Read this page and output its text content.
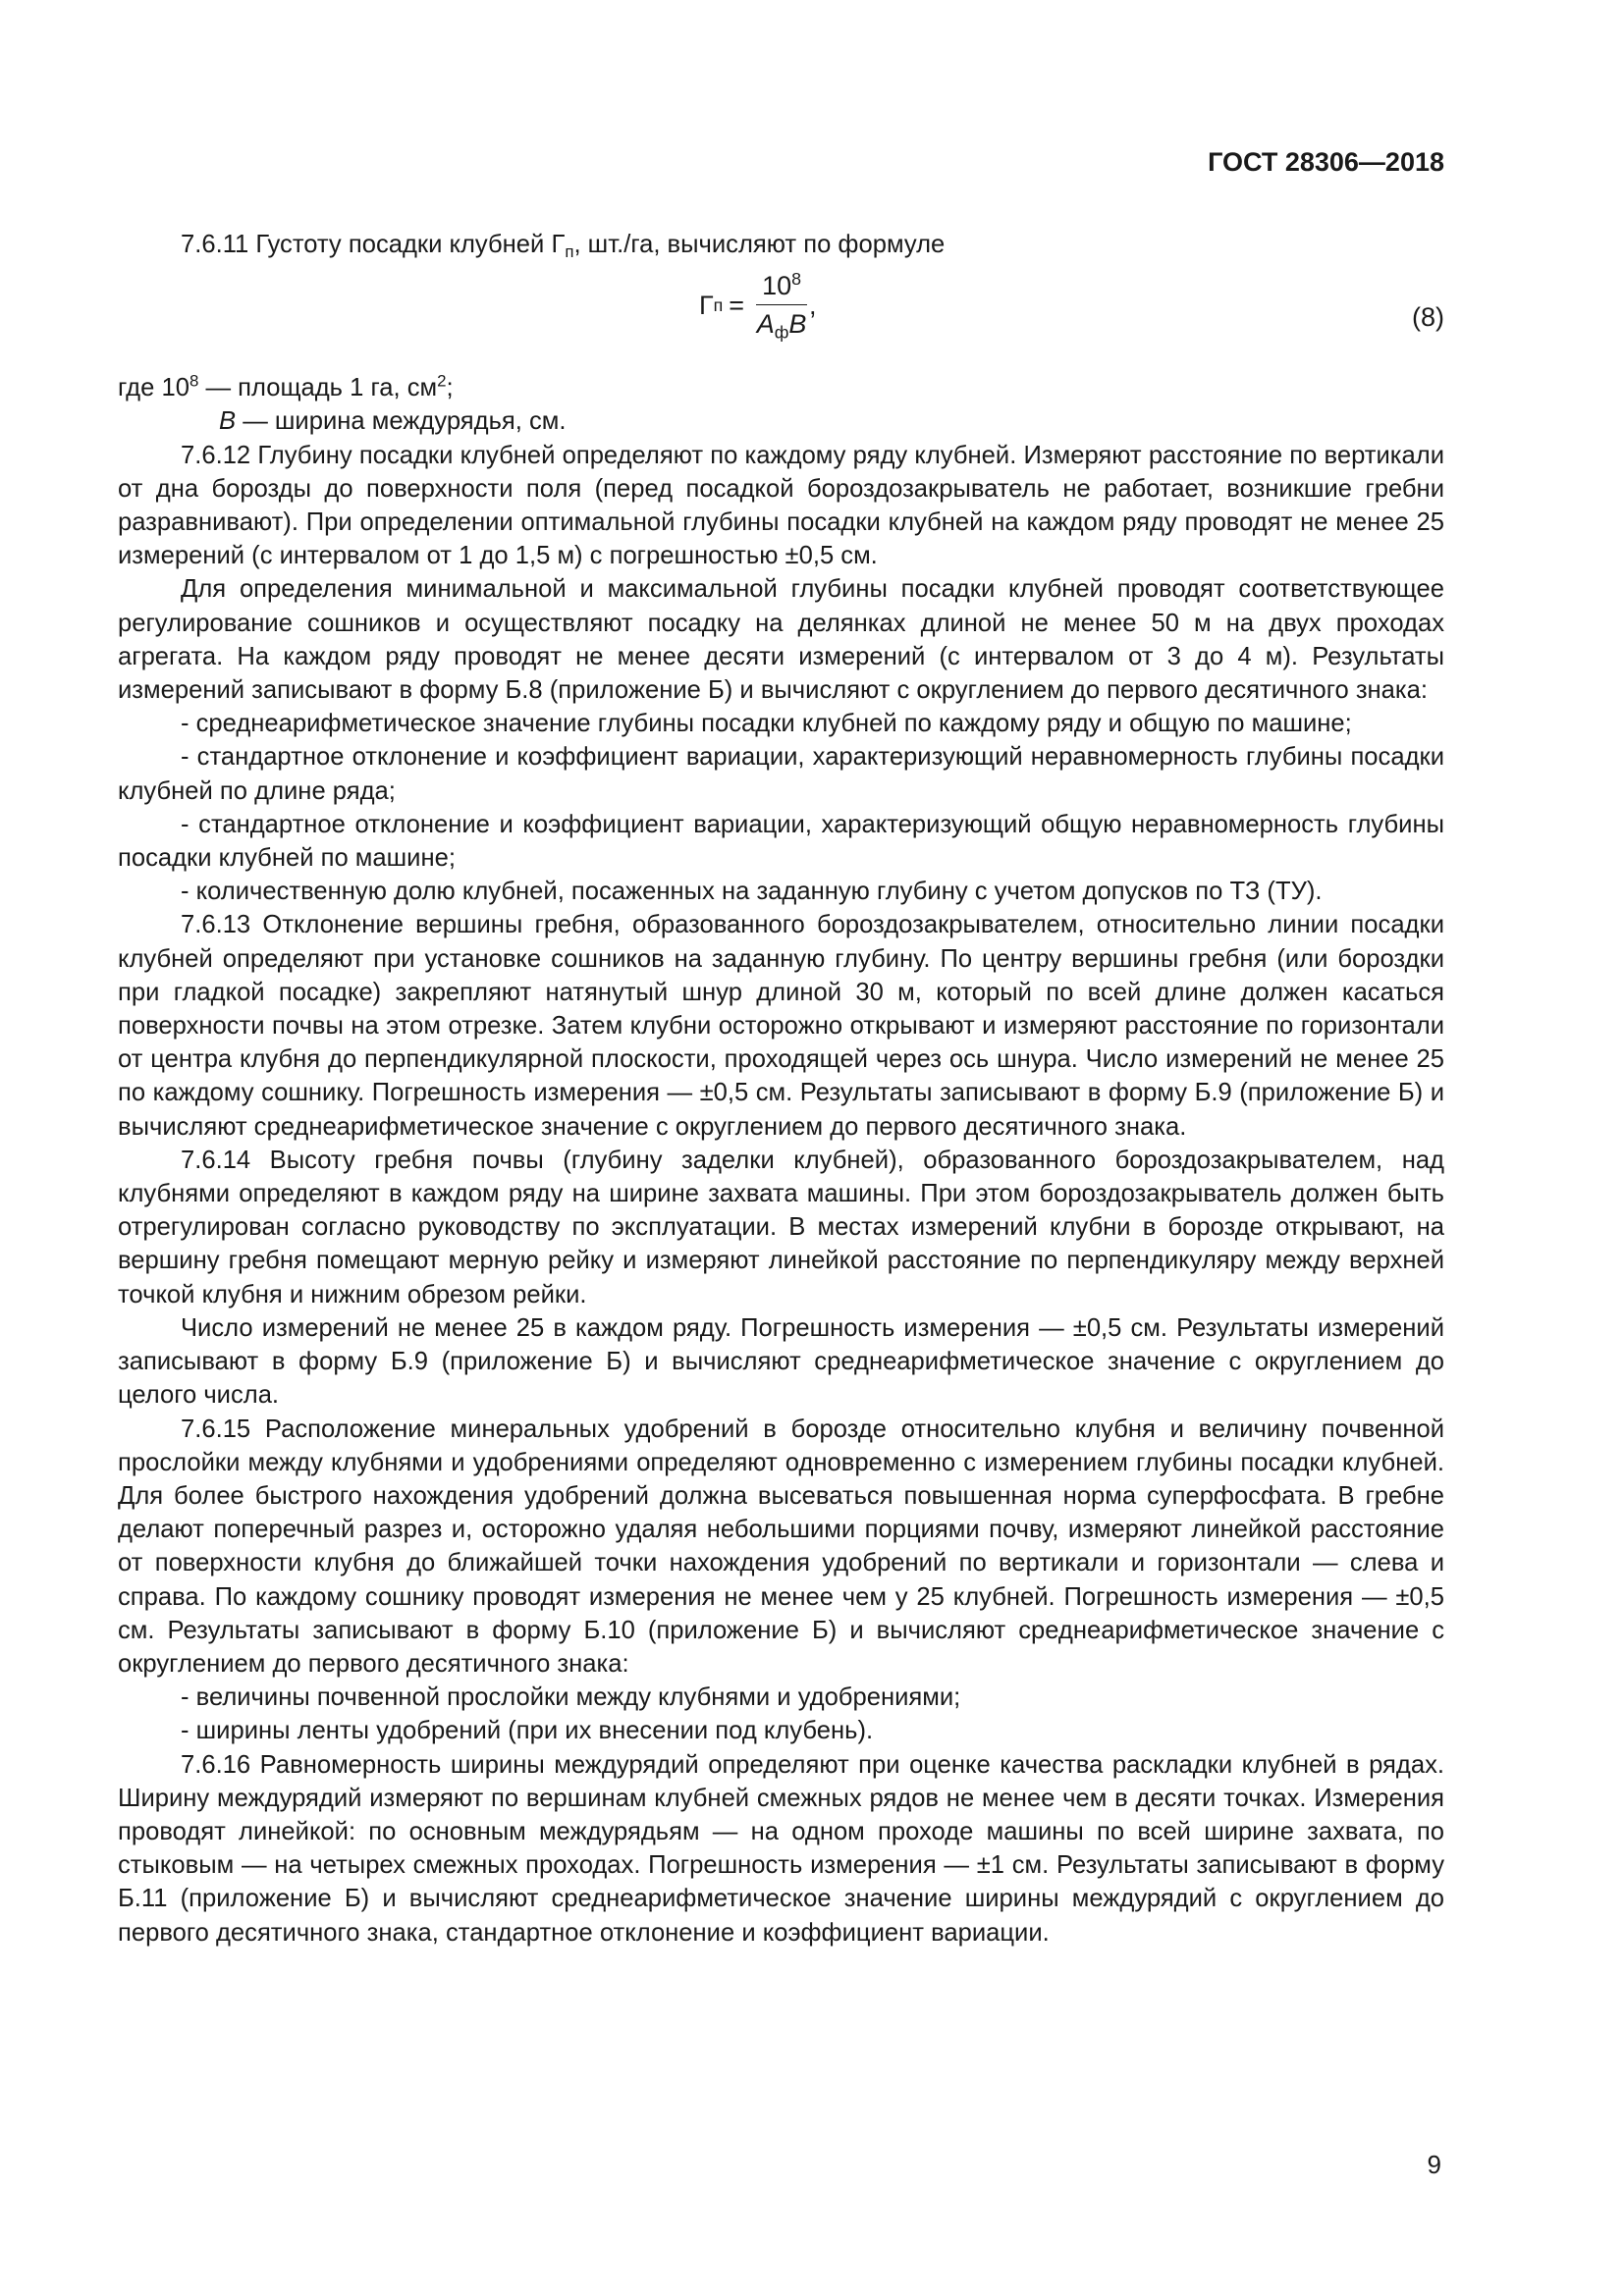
ГОСТ 28306—2018

7.6.11 Густоту посадки клубней $Г_п$, шт./га, вычисляют по формуле

Г $п = \frac{10^8}{А_фВ}$ ,	(8)

где $10^8$ — площадь 1 га, $см^2$;

В — ширина междурядья, см.

7.6.12 Глубину посадки клубней определяют по каждому ряду клубней. Измеряют расстояние по вертикали от дна борозды до поверхности поля (перед посадкой бороздозакрыватель не работает, возникшие гребни разравнивают). При определении оптимальной глубины посадки клубней на каждом ряду проводят не менее 25 измерений (с интервалом от 1 до 1,5 м) с погрешностью ±0,5 см.

Для определения минимальной и максимальной глубины посадки клубней проводят соответствующее регулирование сошников и осуществляют посадку на делянках длиной не менее 50 м на двух проходах агрегата. На каждом ряду проводят не менее десяти измерений (с интервалом от 3 до 4 м). Результаты измерений записывают в форму Б.8 (приложение Б) и вычисляют с округлением до первого десятичного знака:

- среднеарифметическое значение глубины посадки клубней по каждому ряду и общую по машине;

- стандартное отклонение и коэффициент вариации, характеризующий неравномерность глубины посадки клубней по длине ряда;

- стандартное отклонение и коэффициент вариации, характеризующий общую неравномерность глубины посадки клубней по машине;

- количественную долю клубней, посаженных на заданную глубину с учетом допусков по ТЗ (ТУ).

7.6.13 Отклонение вершины гребня, образованного бороздозакрывателем, относительно линии посадки клубней определяют при установке сошников на заданную глубину. По центру вершины гребня (или бороздки при гладкой посадке) закрепляют натянутый шнур длиной 30 м, который по всей длине должен касаться поверхности почвы на этом отрезке. Затем клубни осторожно открывают и измеряют расстояние по горизонтали от центра клубня до перпендикулярной плоскости, проходящей через ось шнура. Число измерений не менее 25 по каждому сошнику. Погрешность измерения — ±0,5 см. Результаты записывают в форму Б.9 (приложение Б) и вычисляют среднеарифметическое значение с округлением до первого десятичного знака.

7.6.14 Высоту гребня почвы (глубину заделки клубней), образованного бороздозакрывателем, над клубнями определяют в каждом ряду на ширине захвата машины. При этом бороздозакрыватель должен быть отрегулирован согласно руководству по эксплуатации. В местах измерений клубни в борозде открывают, на вершину гребня помещают мерную рейку и измеряют линейкой расстояние по перпендикуляру между верхней точкой клубня и нижним обрезом рейки.

Число измерений не менее 25 в каждом ряду. Погрешность измерения — ±0,5 см. Результаты измерений записывают в форму Б.9 (приложение Б) и вычисляют среднеарифметическое значение с округлением до целого числа.

7.6.15 Расположение минеральных удобрений в борозде относительно клубня и величину почвенной прослойки между клубнями и удобрениями определяют одновременно с измерением глубины посадки клубней. Для более быстрого нахождения удобрений должна высеваться повышенная норма суперфосфата. В гребне делают поперечный разрез и, осторожно удаляя небольшими порциями почву, измеряют линейкой расстояние от поверхности клубня до ближайшей точки нахождения удобрений по вертикали и горизонтали — слева и справа. По каждому сошнику проводят измерения не менее чем у 25 клубней. Погрешность измерения — ±0,5 см. Результаты записывают в форму Б.10 (приложение Б) и вычисляют среднеарифметическое значение с округлением до первого десятичного знака:

- величины почвенной прослойки между клубнями и удобрениями;

- ширины ленты удобрений (при их внесении под клубень).

7.6.16 Равномерность ширины междурядий определяют при оценке качества раскладки клубней в рядах. Ширину междурядий измеряют по вершинам клубней смежных рядов не менее чем в десяти точках. Измерения проводят линейкой: по основным междурядьям — на одном проходе машины по всей ширине захвата, по стыковым — на четырех смежных проходах. Погрешность измерения — ±1 см. Результаты записывают в форму Б.11 (приложение Б) и вычисляют среднеарифметическое значение ширины междурядий с округлением до первого десятичного знака, стандартное отклонение и коэффициент вариации.

9
